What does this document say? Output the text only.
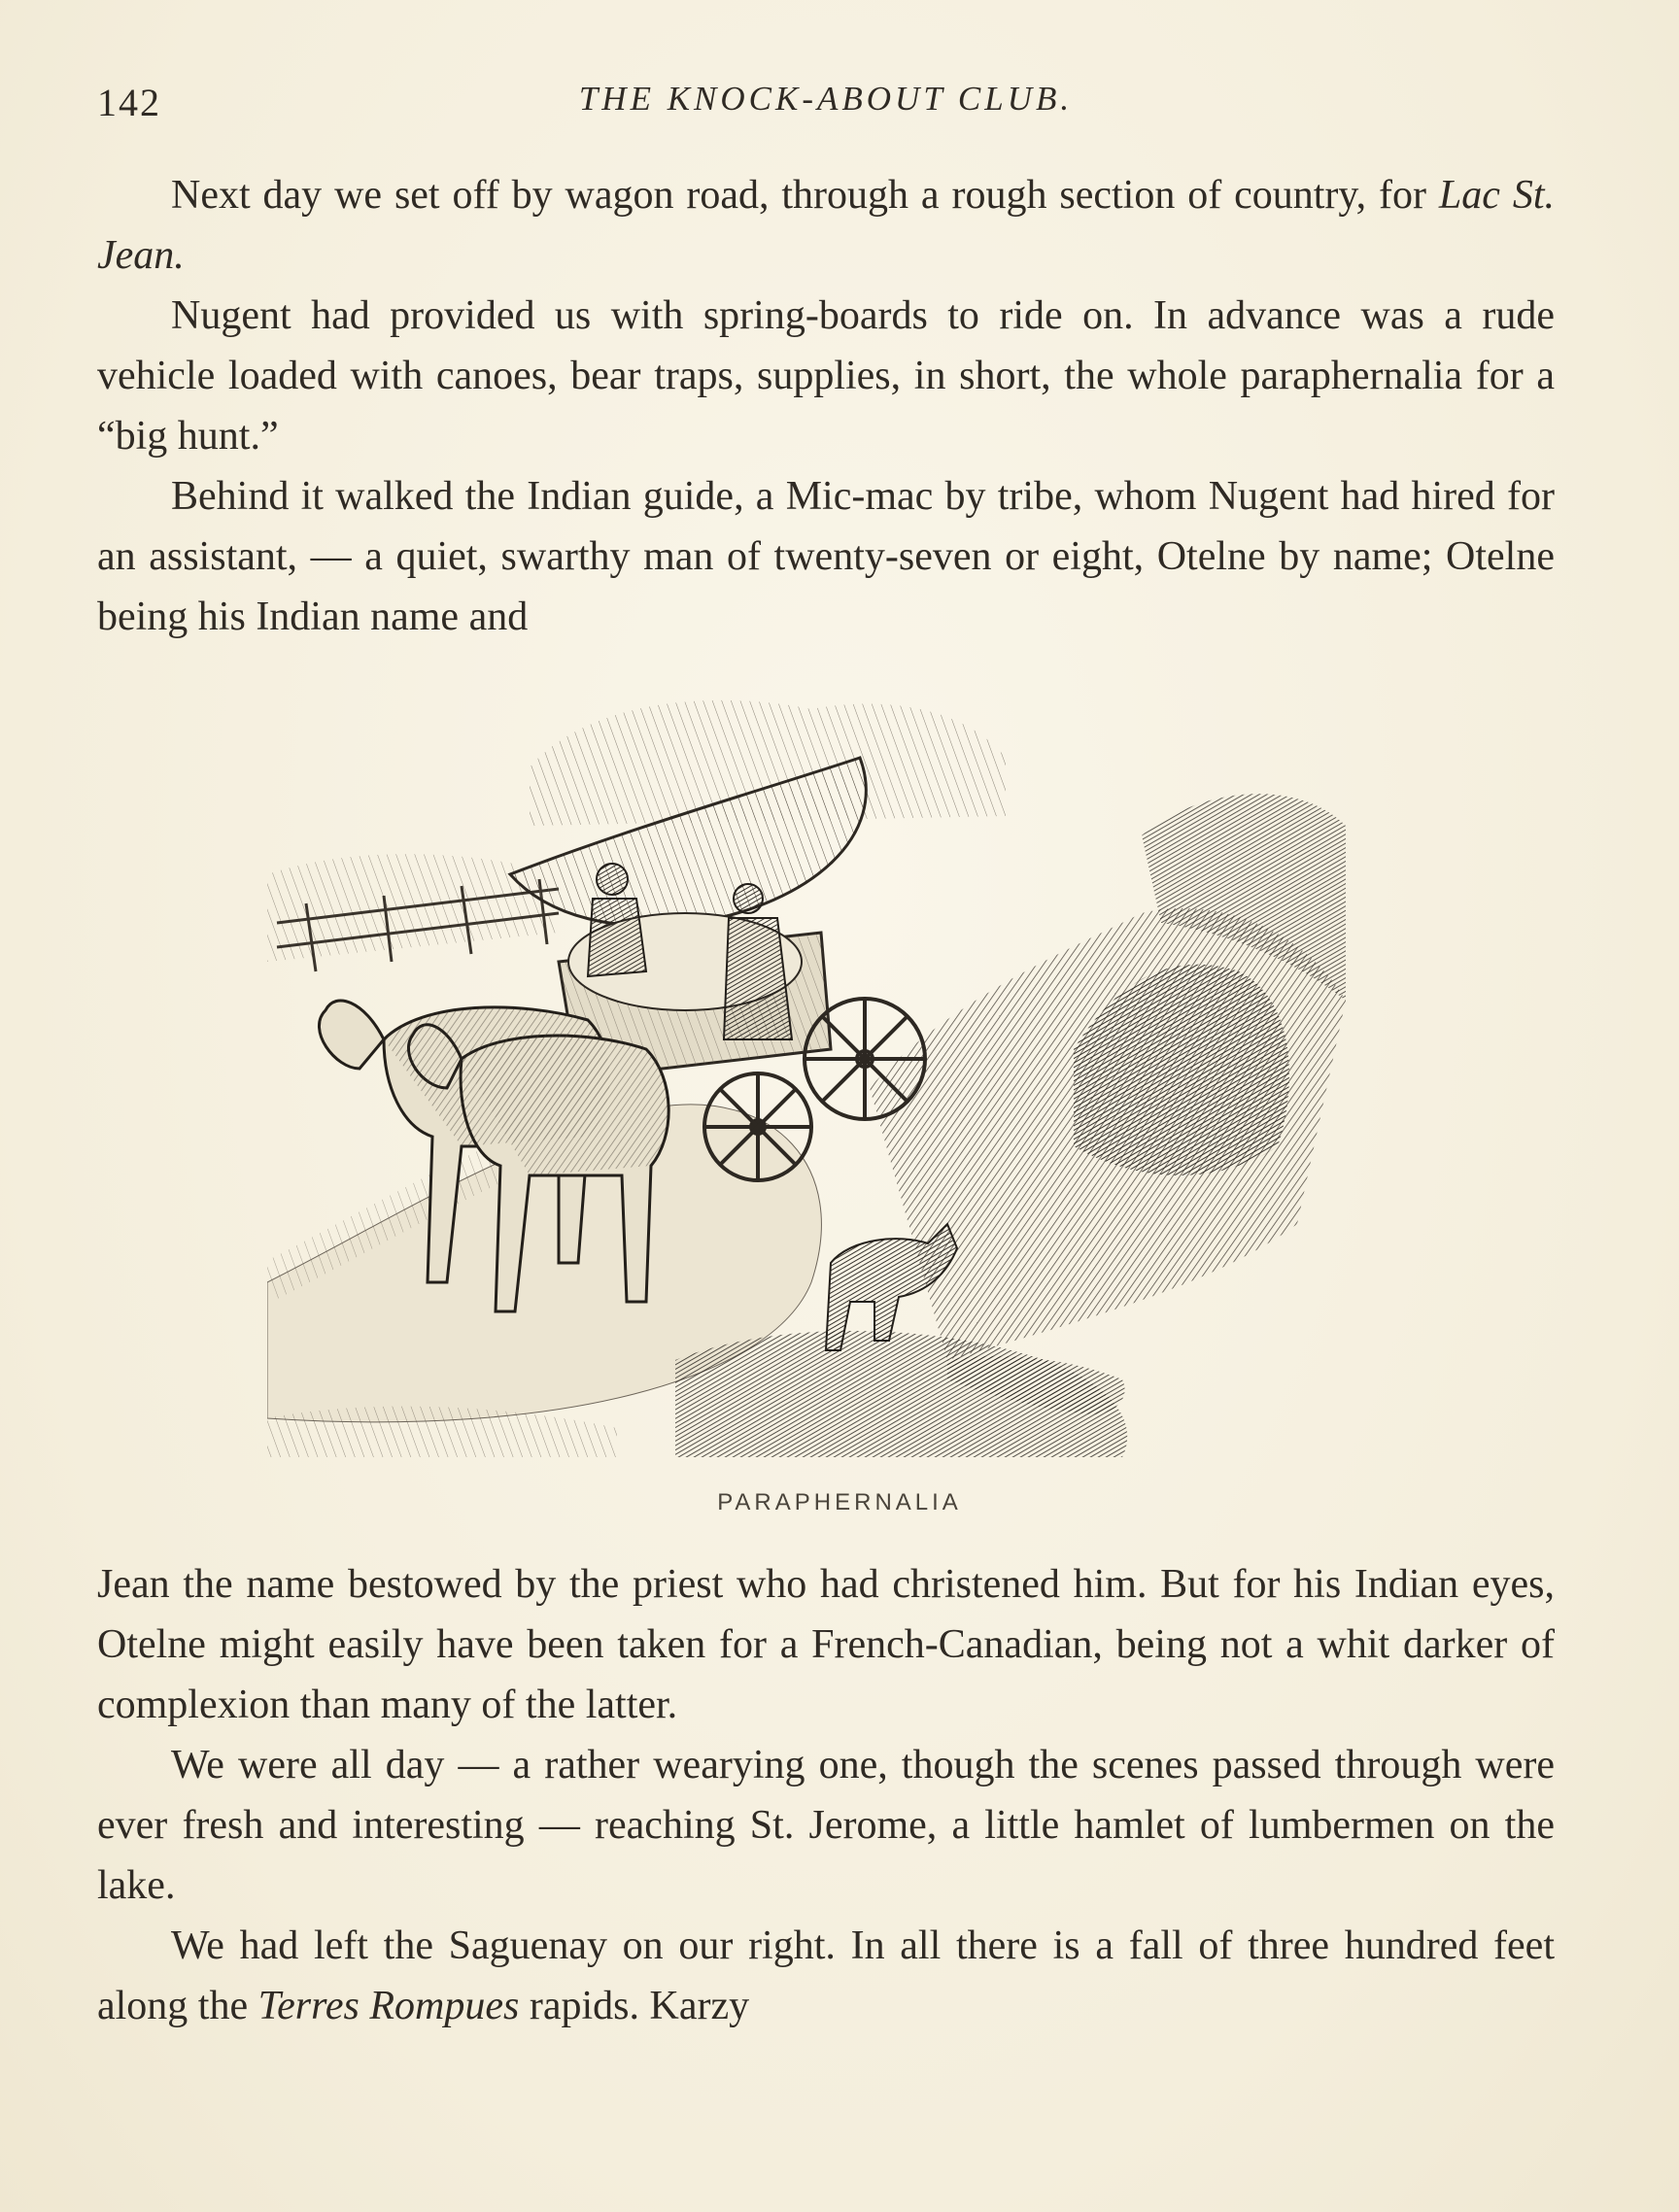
142	THE KNOCK-ABOUT CLUB.

Next day we set off by wagon road, through a rough section of country, for Lac St. Jean.

Nugent had provided us with spring-boards to ride on. In advance was a rude vehicle loaded with canoes, bear traps, supplies, in short, the whole paraphernalia for a “big hunt.”

Behind it walked the Indian guide, a Mic-mac by tribe, whom Nugent had hired for an assistant, — a quiet, swarthy man of twenty-seven or eight, Otelne by name; Otelne being his Indian name and

PARAPHERNALIA

Jean the name bestowed by the priest who had christened him. But for his Indian eyes, Otelne might easily have been taken for a French-Canadian, being not a whit darker of complexion than many of the latter.

We were all day — a rather wearying one, though the scenes passed through were ever fresh and interesting — reaching St. Jerome, a little hamlet of lumbermen on the lake.

We had left the Saguenay on our right. In all there is a fall of three hundred feet along the Terres Rompues rapids. Karzy
